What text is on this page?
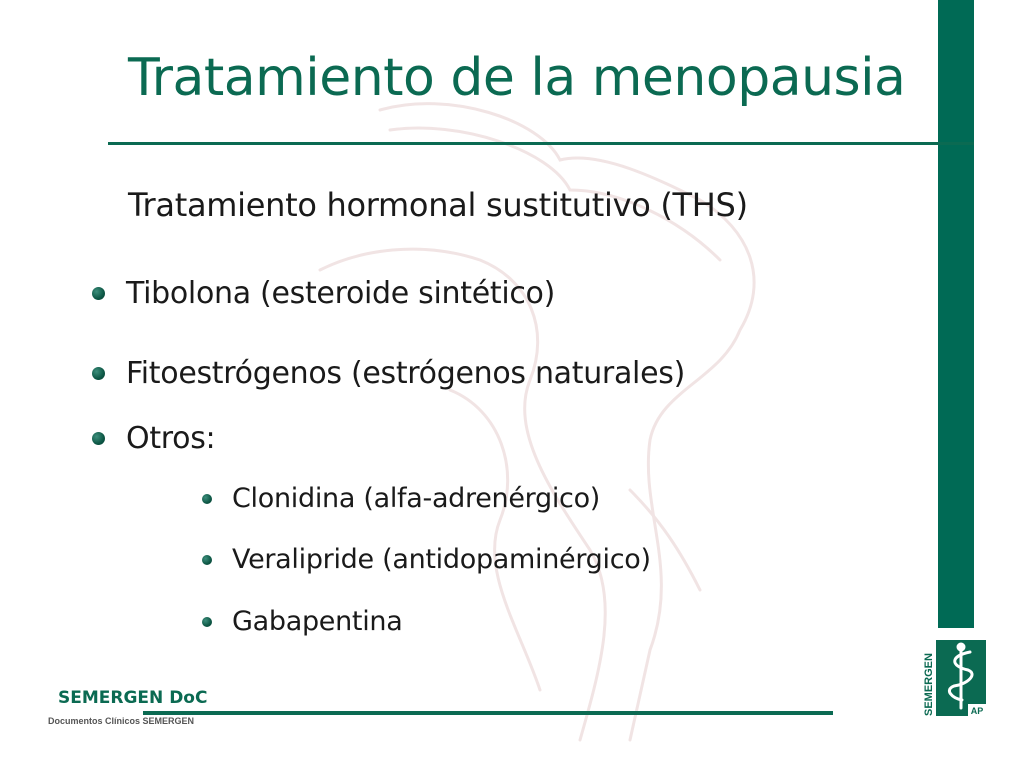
Tratamiento de la menopausia
Tratamiento hormonal sustitutivo (THS)
Tibolona (esteroide sintético)
Fitoestrógenos (estrógenos naturales)
Otros:
Clonidina (alfa-adrenérgico)
Veralipride (antidopaminérgico)
Gabapentina
SEMERGEN DoC
Documentos Clínicos SEMERGEN
SEMERGEN	AP
